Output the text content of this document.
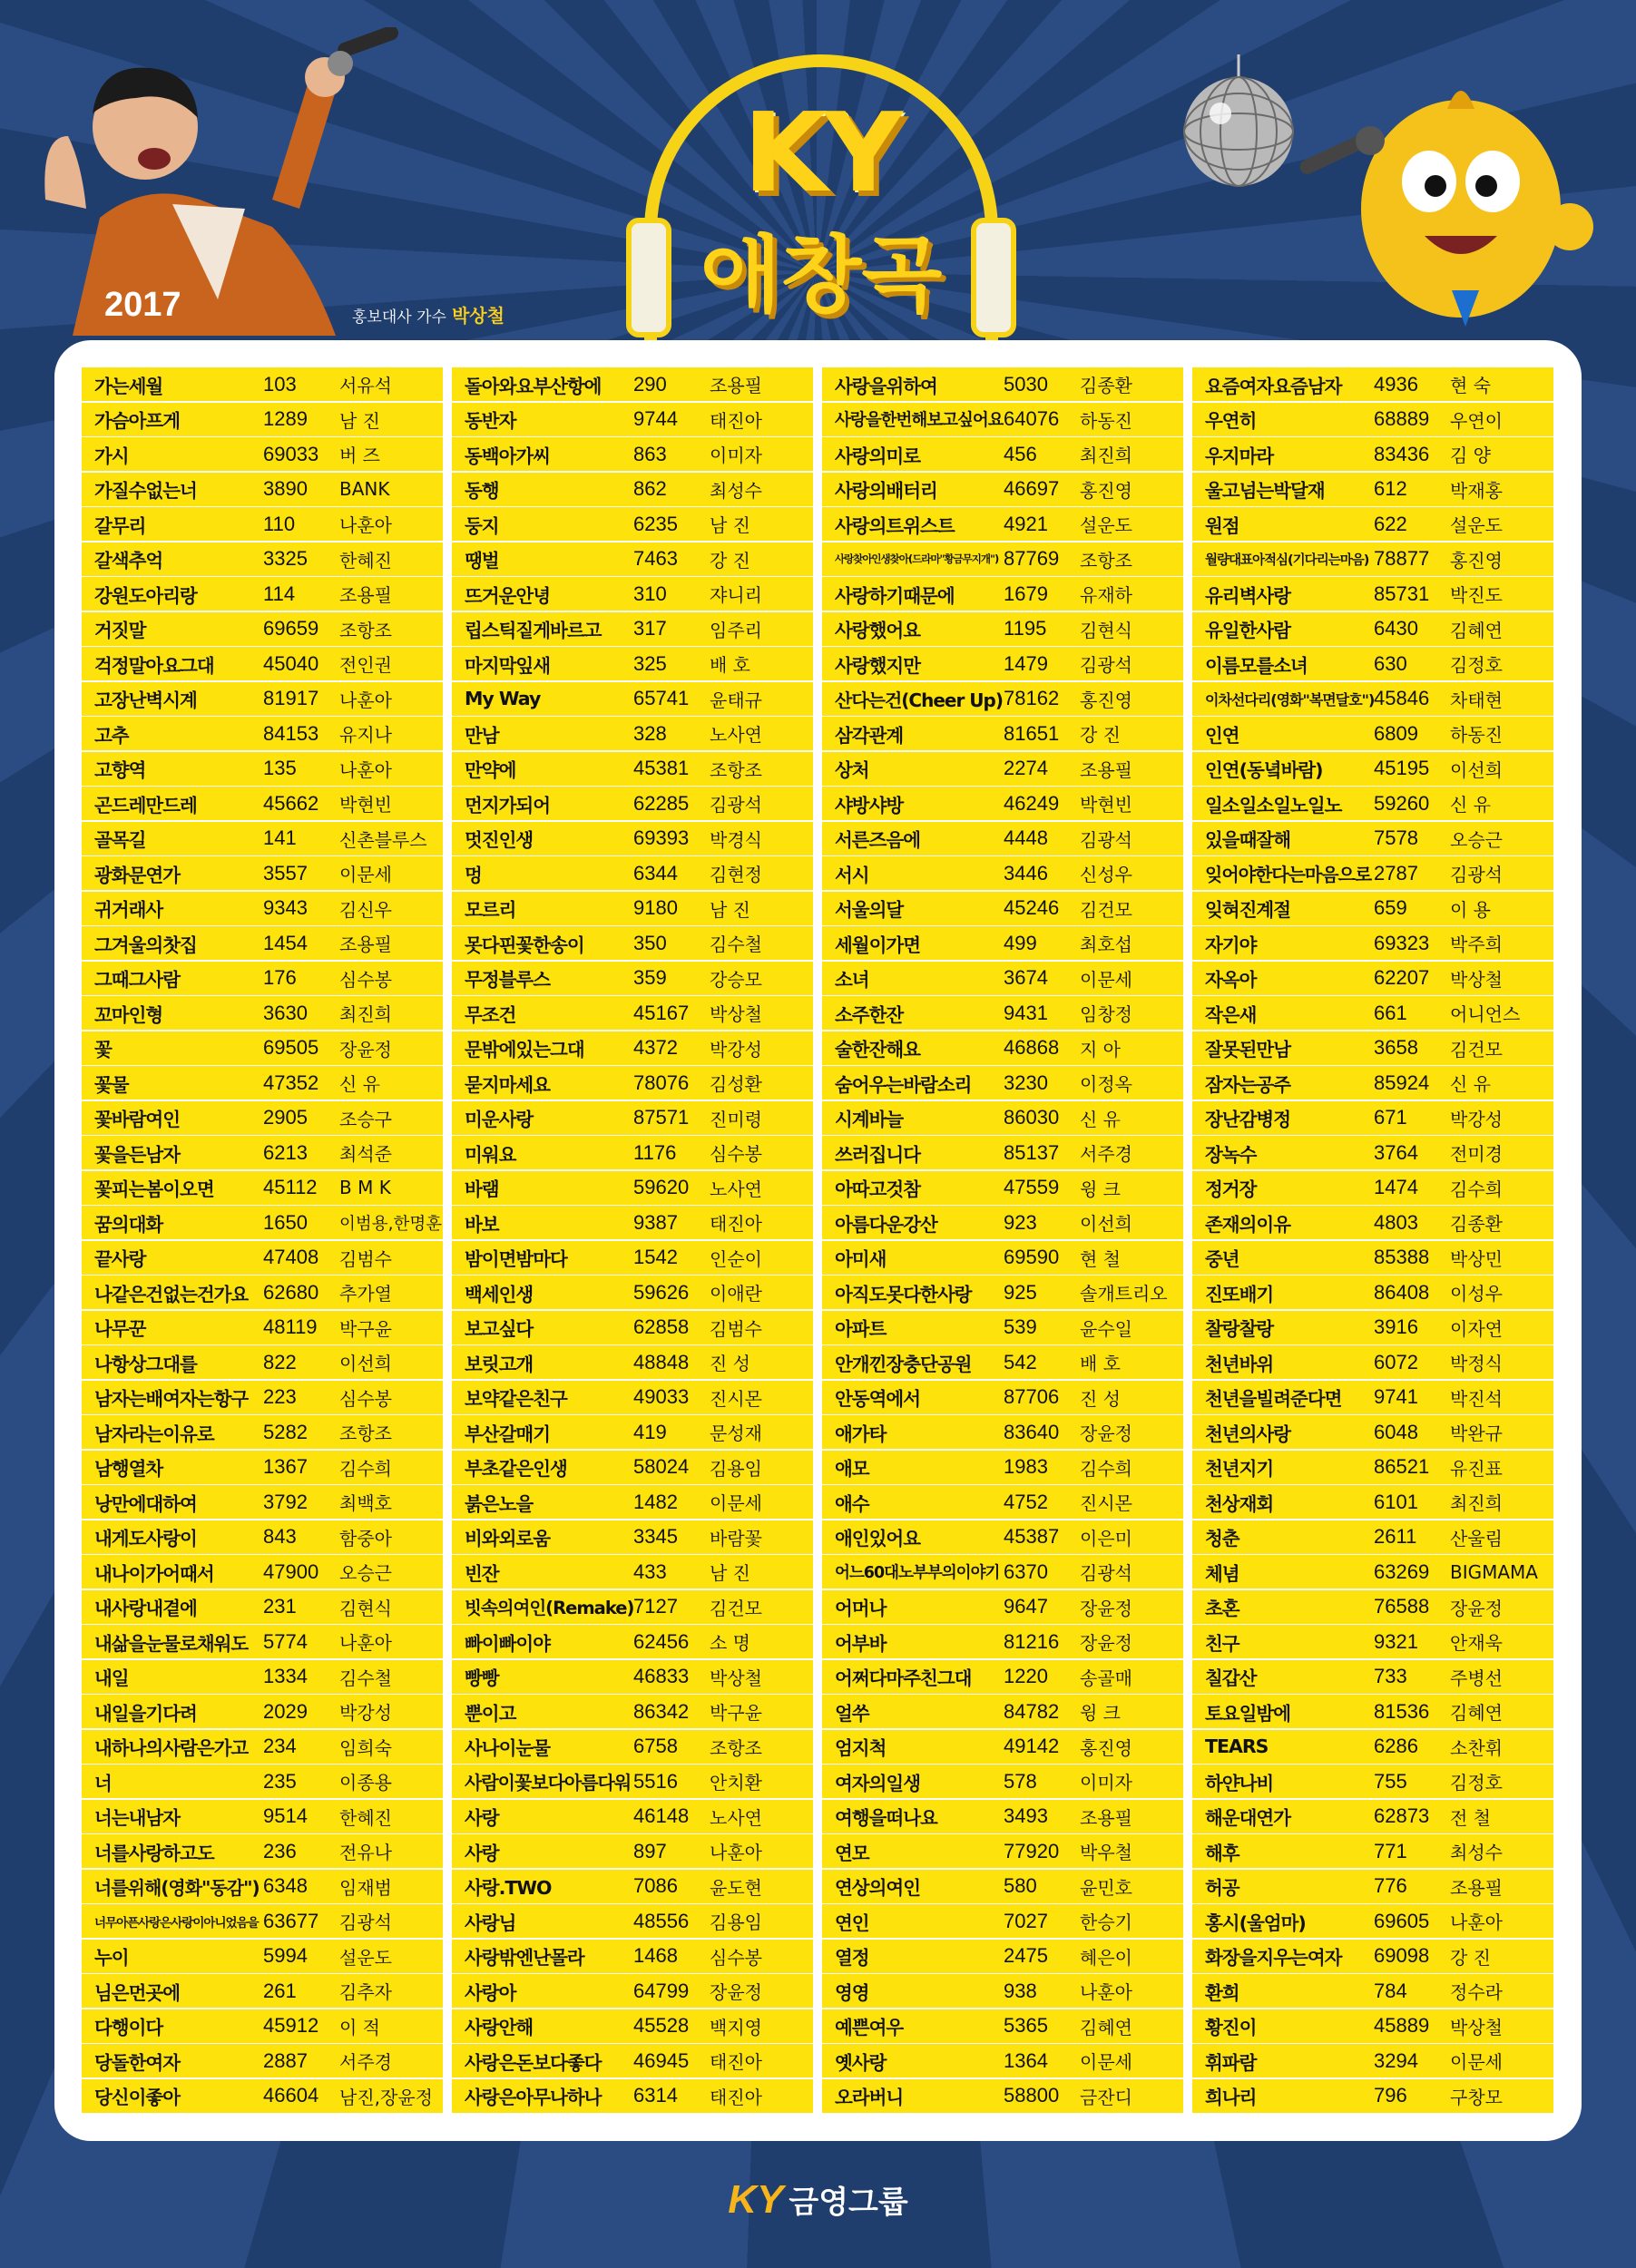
2017	홍보대사 가수 박상철
KY
애창곡
가는세월	103	서유석
가슴아프게	1289	남 진
가시	69033	버 즈
가질수없는너	3890	BANK
갈무리	110	나훈아
갈색추억	3325	한혜진
강원도아리랑	114	조용필
거짓말	69659	조항조
걱정말아요그대	45040	전인권
고장난벽시계	81917	나훈아
고추	84153	유지나
고향역	135	나훈아
곤드레만드레	45662	박현빈
골목길	141	신촌블루스
광화문연가	3557	이문세
귀거래사	9343	김신우
그겨울의찻집	1454	조용필
그때그사람	176	심수봉
꼬마인형	3630	최진희
꽃	69505	장윤정
꽃물	47352	신 유
꽃바람여인	2905	조승구
꽃을든남자	6213	최석준
꽃피는봄이오면	45112	B M K
꿈의대화	1650	이범용,한명훈
끝사랑	47408	김범수
나같은건없는건가요 62680	추가열
나무꾼	48119	박구윤
나항상그대를	822	이선희
남자는배여자는항구 223	심수봉
남자라는이유로	5282	조항조
남행열차	1367	김수희
낭만에대하여	3792	최백호
내게도사랑이	843	함중아
내나이가어때서	47900	오승근
내사랑내곁에	231	김현식
내삶을눈물로채워도 5774	나훈아
내일	1334	김수철
내일을기다려	2029	박강성
내하나의사람은가고 234	임희숙
너	235	이종용
너는내남자	9514	한혜진
너를사랑하고도	236	전유나
너를위해(영화"동감") 6348	임재범
너무아픈사랑은사랑이아니었음을 63677	김광석
누이	5994	설운도
님은먼곳에	261	김추자
다행이다	45912	이 적
당돌한여자	2887	서주경
당신이좋아	46604	남진,장윤정
돌아와요부산항에	290	조용필
동반자	9744	태진아
동백아가씨	863	이미자
동행	862	최성수
둥지	6235	남 진
땡벌	7463	강 진
뜨거운안녕	310	쟈니리
립스틱짙게바르고	317	임주리
마지막잎새	325	배 호
My Way	65741	윤태규
만남	328	노사연
만약에	45381	조항조
먼지가되어	62285	김광석
멋진인생	69393	박경식
멍	6344	김현정
모르리	9180	남 진
못다핀꽃한송이	350	김수철
무정블루스	359	강승모
무조건	45167	박상철
문밖에있는그대	4372	박강성
묻지마세요	78076	김성환
미운사랑	87571	진미령
미워요	1176	심수봉
바램	59620	노사연
바보	9387	태진아
밤이면밤마다	1542	인순이
백세인생	59626	이애란
보고싶다	62858	김범수
보릿고개	48848	진 성
보약같은친구	49033	진시몬
부산갈매기	419	문성재
부초같은인생	58024	김용임
붉은노을	1482	이문세
비와외로움	3345	바람꽃
빈잔	433	남 진
빗속의여인(Remake) 7127	김건모
빠이빠이야	62456	소 명
빵빵	46833	박상철
뿐이고	86342	박구윤
사나이눈물	6758	조항조
사람이꽃보다아름다워 5516	안치환
사랑	46148	노사연
사랑	897	나훈아
사랑.TWO	7086	윤도현
사랑님	48556	김용임
사랑밖엔난몰라	1468	심수봉
사랑아	64799	장윤정
사랑안해	45528	백지영
사랑은돈보다좋다	46945	태진아
사랑은아무나하나	6314	태진아
사랑을위하여	5030	김종환
사랑을한번해보고싶어요 64076	하동진
사랑의미로	456	최진희
사랑의배터리	46697	홍진영
사랑의트위스트	4921	설운도
사랑찾아인생찾아(드라마"황금무지개") 87769	조항조
사랑하기때문에	1679	유재하
사랑했어요	1195	김현식
사랑했지만	1479	김광석
산다는건(Cheer Up) 78162	홍진영
삼각관계	81651	강 진
상처	2274	조용필
샤방샤방	46249	박현빈
서른즈음에	4448	김광석
서시	3446	신성우
서울의달	45246	김건모
세월이가면	499	최호섭
소녀	3674	이문세
소주한잔	9431	임창정
술한잔해요	46868	지 아
숨어우는바람소리	3230	이정옥
시계바늘	86030	신 유
쓰러집니다	85137	서주경
아따고것참	47559	윙 크
아름다운강산	923	이선희
아미새	69590	현 철
아직도못다한사랑	925	솔개트리오
아파트	539	윤수일
안개낀장충단공원	542	배 호
안동역에서	87706	진 성
애가타	83640	장윤정
애모	1983	김수희
애수	4752	진시몬
애인있어요	45387	이은미
어느60대노부부의이야기 6370	김광석
어머나	9647	장윤정
어부바	81216	장윤정
어쩌다마주친그대	1220	송골매
얼쑤	84782	윙 크
엄지척	49142	홍진영
여자의일생	578	이미자
여행을떠나요	3493	조용필
연모	77920	박우철
연상의여인	580	윤민호
연인	7027	한승기
열정	2475	혜은이
영영	938	나훈아
예쁜여우	5365	김혜연
옛사랑	1364	이문세
오라버니	58800	금잔디
요즘여자요즘남자	4936	현 숙
우연히	68889	우연이
우지마라	83436	김 양
울고넘는박달재	612	박재홍
원점	622	설운도
월량대표아적심(기다리는마음) 78877	홍진영
유리벽사랑	85731	박진도
유일한사람	6430	김혜연
이름모를소녀	630	김정호
이차선다리(영화"복면달호") 45846	차태현
인연	6809	하동진
인연(동녘바람)	45195	이선희
일소일소일노일노	59260	신 유
있을때잘해	7578	오승근
잊어야한다는마음으로 2787	김광석
잊혀진계절	659	이 용
자기야	69323	박주희
자옥아	62207	박상철
작은새	661	어니언스
잘못된만남	3658	김건모
잠자는공주	85924	신 유
장난감병정	671	박강성
장녹수	3764	전미경
정거장	1474	김수희
존재의이유	4803	김종환
중년	85388	박상민
진또배기	86408	이성우
찰랑찰랑	3916	이자연
천년바위	6072	박정식
천년을빌려준다면	9741	박진석
천년의사랑	6048	박완규
천년지기	86521	유진표
천상재회	6101	최진희
청춘	2611	산울림
체념	63269	BIGMAMA
초혼	76588	장윤정
친구	9321	안재욱
칠갑산	733	주병선
토요일밤에	81536	김혜연
TEARS	6286	소찬휘
하얀나비	755	김정호
해운대연가	62873	전 철
해후	771	최성수
허공	776	조용필
홍시(울엄마)	69605	나훈아
화장을지우는여자	69098	강 진
환희	784	정수라
황진이	45889	박상철
휘파람	3294	이문세
희나리	796	구창모
KY 금영그룹
